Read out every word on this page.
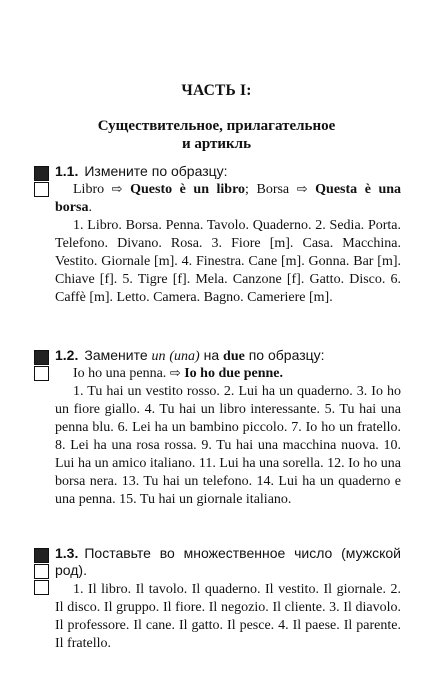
ЧАСТЬ I:
Существительное, прилагательное
и артикль
1.1. Измените по образцу:

Libro ⇨ Questo è un libro; Borsa ⇨ Questa è una borsa.

1. Libro. Borsa. Penna. Tavolo. Quaderno. 2. Sedia. Porta. Telefono. Divano. Rosa. 3. Fiore [m]. Casa. Macchina. Vestito. Giornale [m]. 4. Finestra. Cane [m]. Gonna. Bar [m]. Chiave [f]. 5. Tigre [f]. Mela. Canzone [f]. Gatto. Disco. 6. Caffè [m]. Letto. Camera. Bagno. Cameriere [m].

1.2. Замените un (una) на due по образцу:

Io ho una penna. ⇨ Io ho due penne.

1. Tu hai un vestito rosso. 2. Lui ha un quaderno. 3. Io ho un fiore giallo. 4. Tu hai un libro interessante. 5. Tu hai una penna blu. 6. Lei ha un bambino piccolo. 7. Io ho un fratello. 8. Lei ha una rosa rossa. 9. Tu hai una macchina nuova. 10. Lui ha un amico italiano. 11. Lui ha una sorella. 12. Io ho una borsa nera. 13. Tu hai un telefono. 14. Lui ha un quaderno e una penna. 15. Tu hai un giornale italiano.

1.3. Поставьте во множественное число (мужской род).

1. Il libro. Il tavolo. Il quaderno. Il vestito. Il giornale. 2. Il disco. Il gruppo. Il fiore. Il negozio. Il cliente. 3. Il diavolo. Il professore. Il cane. Il gatto. Il pesce. 4. Il paese. Il parente. Il fratello.
